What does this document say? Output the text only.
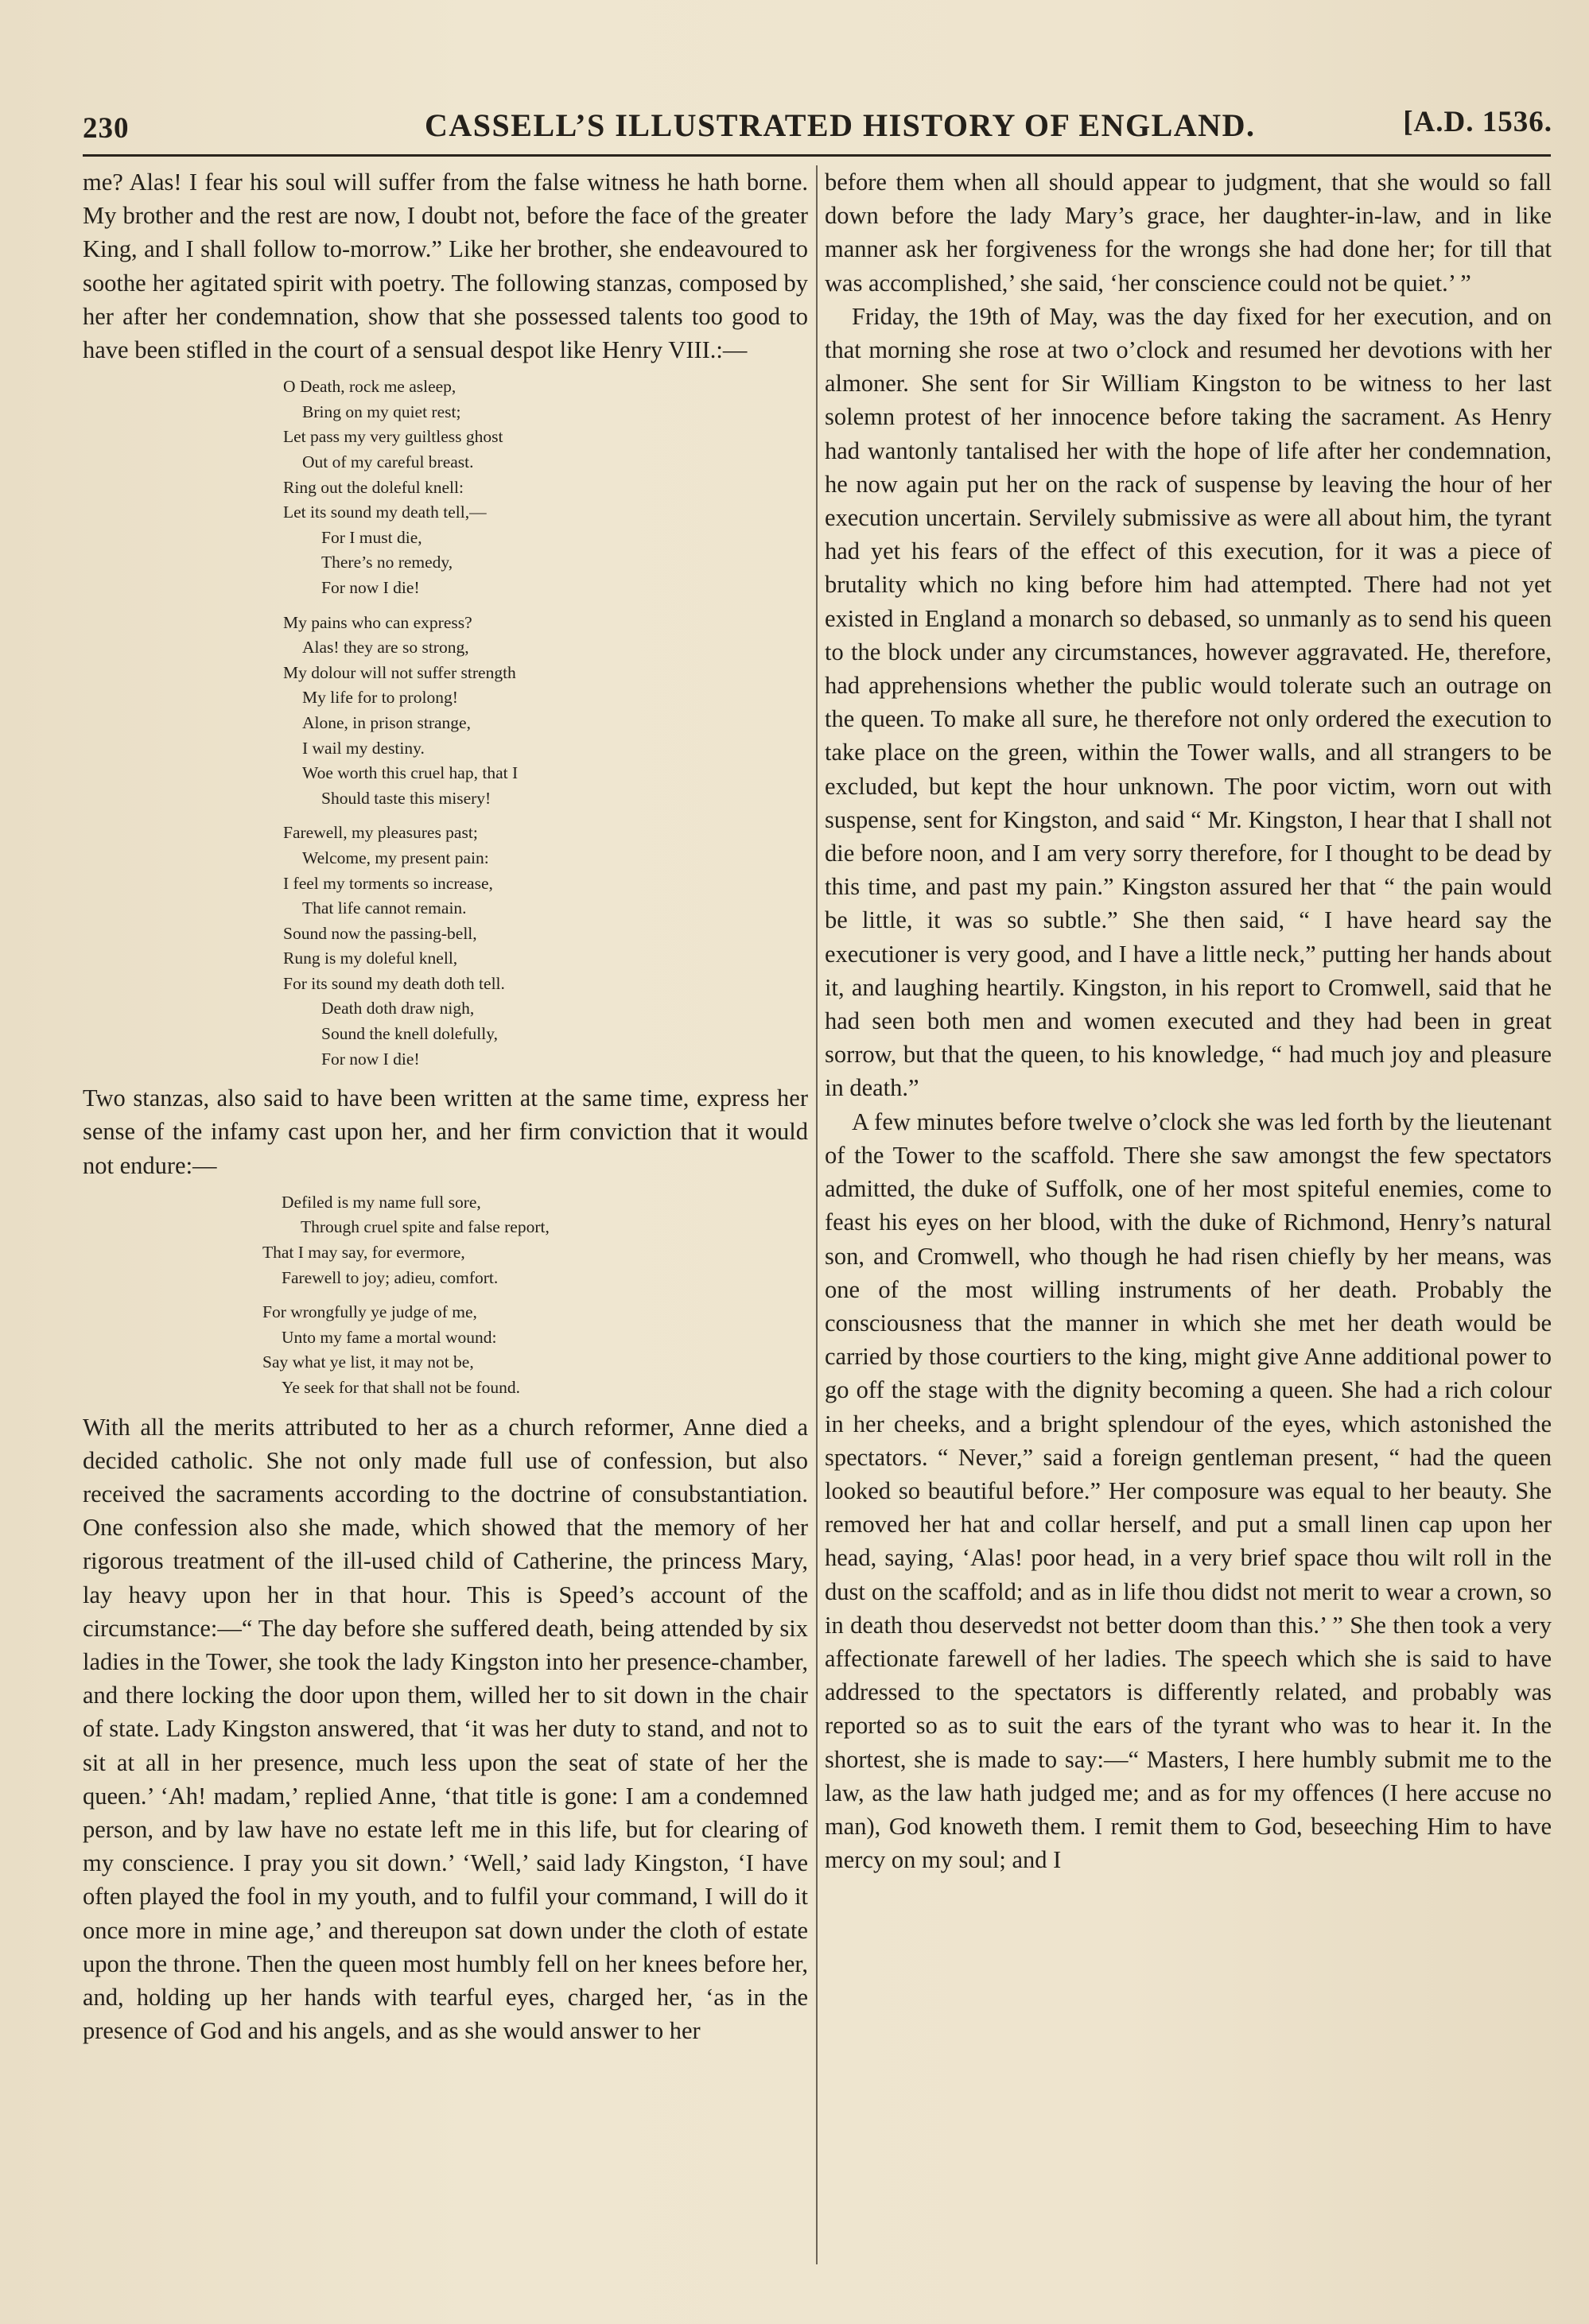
230	CASSELL’S ILLUSTRATED HISTORY OF ENGLAND.	[A.D. 1536.

me? Alas! I fear his soul will suffer from the false witness he hath borne. My brother and the rest are now, I doubt not, before the face of the greater King, and I shall follow to-morrow.” Like her brother, she endeavoured to soothe her agitated spirit with poetry. The following stanzas, composed by her after her condemnation, show that she possessed talents too good to have been stifled in the court of a sensual despot like Henry VIII.:—

O Death, rock me asleep,
Bring on my quiet rest;
Let pass my very guiltless ghost
Out of my careful breast.
Ring out the doleful knell:
Let its sound my death tell,—
For I must die,
There’s no remedy,
For now I die!
My pains who can express?
Alas! they are so strong,
My dolour will not suffer strength
My life for to prolong!
Alone, in prison strange,
I wail my destiny.
Woe worth this cruel hap, that I
Should taste this misery!
Farewell, my pleasures past;
Welcome, my present pain:
I feel my torments so increase,
That life cannot remain.
Sound now the passing-bell,
Rung is my doleful knell,
For its sound my death doth tell.
Death doth draw nigh,
Sound the knell dolefully,
For now I die!

Two stanzas, also said to have been written at the same time, express her sense of the infamy cast upon her, and her firm conviction that it would not endure:—

Defiled is my name full sore,
Through cruel spite and false report,
That I may say, for evermore,
Farewell to joy; adieu, comfort.
For wrongfully ye judge of me,
Unto my fame a mortal wound:
Say what ye list, it may not be,
Ye seek for that shall not be found.

With all the merits attributed to her as a church reformer, Anne died a decided catholic. She not only made full use of confession, but also received the sacraments according to the doctrine of consubstantiation. One confession also she made, which showed that the memory of her rigorous treatment of the ill-used child of Catherine, the princess Mary, lay heavy upon her in that hour. This is Speed’s account of the circumstance:—“ The day before she suffered death, being attended by six ladies in the Tower, she took the lady Kingston into her presence-chamber, and there locking the door upon them, willed her to sit down in the chair of state. Lady Kingston answered, that ‘it was her duty to stand, and not to sit at all in her presence, much less upon the seat of state of her the queen.’ ‘Ah! madam,’ replied Anne, ‘that title is gone: I am a condemned person, and by law have no estate left me in this life, but for clearing of my conscience. I pray you sit down.’ ‘Well,’ said lady Kingston, ‘I have often played the fool in my youth, and to fulfil your command, I will do it once more in mine age,’ and thereupon sat down under the cloth of estate upon the throne. Then the queen most humbly fell on her knees before her, and, holding up her hands with tearful eyes, charged her, ‘as in the presence of God and his angels, and as she would answer to her

before them when all should appear to judgment, that she would so fall down before the lady Mary’s grace, her daughter-in-law, and in like manner ask her forgiveness for the wrongs she had done her; for till that was accomplished,’ she said, ‘her conscience could not be quiet.’ ”

Friday, the 19th of May, was the day fixed for her execution, and on that morning she rose at two o’clock and resumed her devotions with her almoner. She sent for Sir William Kingston to be witness to her last solemn protest of her innocence before taking the sacrament. As Henry had wantonly tantalised her with the hope of life after her condemnation, he now again put her on the rack of suspense by leaving the hour of her execution uncertain. Servilely submissive as were all about him, the tyrant had yet his fears of the effect of this execution, for it was a piece of brutality which no king before him had attempted. There had not yet existed in England a monarch so debased, so unmanly as to send his queen to the block under any circumstances, however aggravated. He, therefore, had apprehensions whether the public would tolerate such an outrage on the queen. To make all sure, he therefore not only ordered the execution to take place on the green, within the Tower walls, and all strangers to be excluded, but kept the hour unknown. The poor victim, worn out with suspense, sent for Kingston, and said “ Mr. Kingston, I hear that I shall not die before noon, and I am very sorry therefore, for I thought to be dead by this time, and past my pain.” Kingston assured her that “ the pain would be little, it was so subtle.” She then said, “ I have heard say the executioner is very good, and I have a little neck,” putting her hands about it, and laughing heartily. Kingston, in his report to Cromwell, said that he had seen both men and women executed and they had been in great sorrow, but that the queen, to his knowledge, “ had much joy and pleasure in death.”

A few minutes before twelve o’clock she was led forth by the lieutenant of the Tower to the scaffold. There she saw amongst the few spectators admitted, the duke of Suffolk, one of her most spiteful enemies, come to feast his eyes on her blood, with the duke of Richmond, Henry’s natural son, and Cromwell, who though he had risen chiefly by her means, was one of the most willing instruments of her death. Probably the consciousness that the manner in which she met her death would be carried by those courtiers to the king, might give Anne additional power to go off the stage with the dignity becoming a queen. She had a rich colour in her cheeks, and a bright splendour of the eyes, which astonished the spectators. “ Never,” said a foreign gentleman present, “ had the queen looked so beautiful before.” Her composure was equal to her beauty. She removed her hat and collar herself, and put a small linen cap upon her head, saying, ‘Alas! poor head, in a very brief space thou wilt roll in the dust on the scaffold; and as in life thou didst not merit to wear a crown, so in death thou deservedst not better doom than this.’ ” She then took a very affectionate farewell of her ladies. The speech which she is said to have addressed to the spectators is differently related, and probably was reported so as to suit the ears of the tyrant who was to hear it. In the shortest, she is made to say:—“ Masters, I here humbly submit me to the law, as the law hath judged me; and as for my offences (I here accuse no man), God knoweth them. I remit them to God, beseeching Him to have mercy on my soul; and I
